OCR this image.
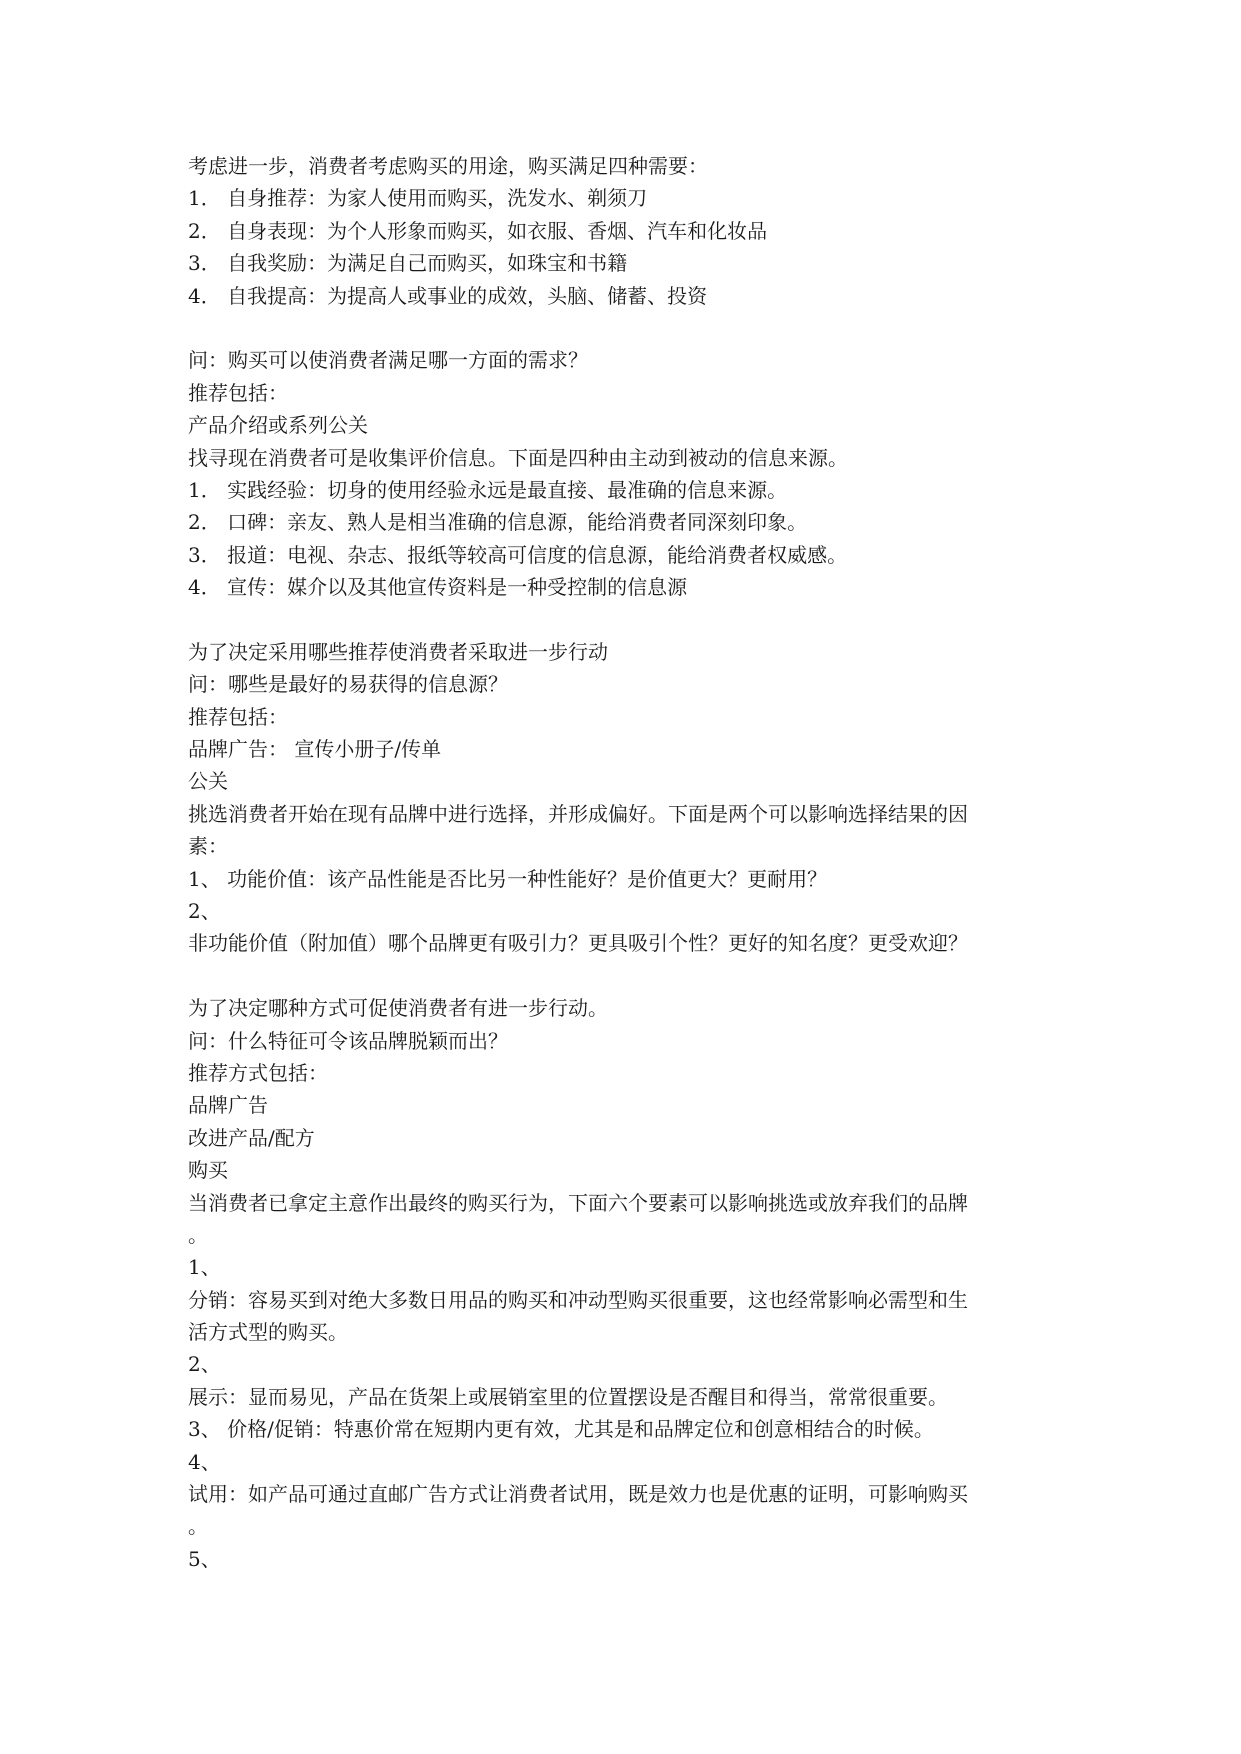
考虑进一步，消费者考虑购买的用途，购买满足四种需要：
1． 自身推荐：为家人使用而购买，洗发水、剃须刀
2． 自身表现：为个人形象而购买，如衣服、香烟、汽车和化妆品
3． 自我奖励：为满足自己而购买，如珠宝和书籍
4． 自我提高：为提高人或事业的成效，头脑、储蓄、投资
问：购买可以使消费者满足哪一方面的需求？
推荐包括：
产品介绍或系列公关
找寻现在消费者可是收集评价信息。下面是四种由主动到被动的信息来源。
1． 实践经验：切身的使用经验永远是最直接、最准确的信息来源。
2． 口碑：亲友、熟人是相当准确的信息源，能给消费者同深刻印象。
3． 报道：电视、杂志、报纸等较高可信度的信息源，能给消费者权威感。
4． 宣传：媒介以及其他宣传资料是一种受控制的信息源
为了决定采用哪些推荐使消费者采取进一步行动
问：哪些是最好的易获得的信息源？
推荐包括：
品牌广告： 宣传小册子/传单
公关
挑选消费者开始在现有品牌中进行选择，并形成偏好。下面是两个可以影响选择结果的因
素：
1、 功能价值：该产品性能是否比另一种性能好？是价值更大？更耐用？
2、
非功能价值（附加值）哪个品牌更有吸引力？更具吸引个性？更好的知名度？更受欢迎？
为了决定哪种方式可促使消费者有进一步行动。
问：什么特征可令该品牌脱颖而出？
推荐方式包括：
品牌广告
改进产品/配方
购买
当消费者已拿定主意作出最终的购买行为，下面六个要素可以影响挑选或放弃我们的品牌
。
1、
分销：容易买到对绝大多数日用品的购买和冲动型购买很重要，这也经常影响必需型和生
活方式型的购买。
2、
展示：显而易见，产品在货架上或展销室里的位置摆设是否醒目和得当，常常很重要。
3、 价格/促销：特惠价常在短期内更有效，尤其是和品牌定位和创意相结合的时候。
4、
试用：如产品可通过直邮广告方式让消费者试用，既是效力也是优惠的证明，可影响购买
。
5、
